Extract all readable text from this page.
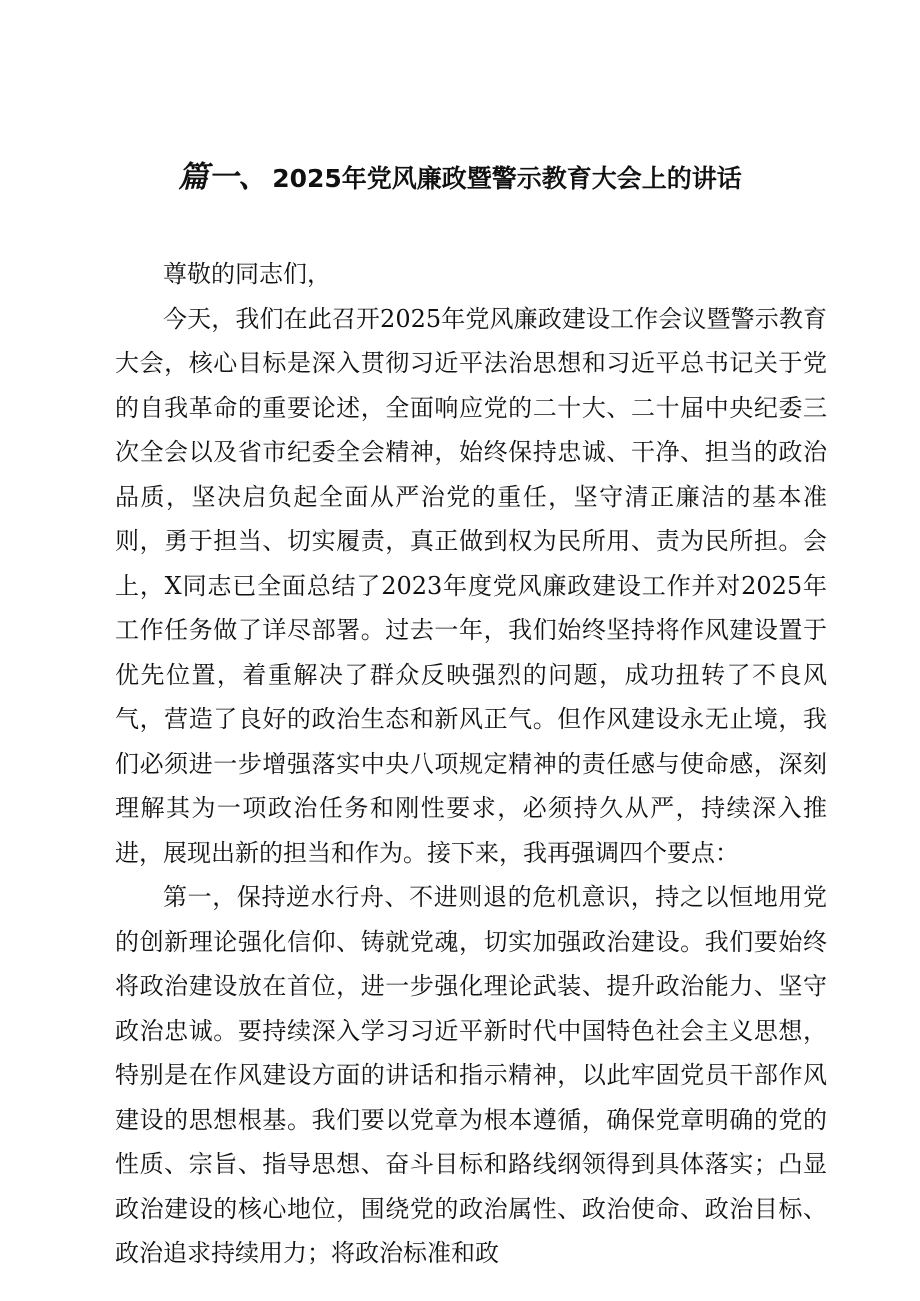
篇一、 2025年党风廉政暨警示教育大会上的讲话

尊敬的同志们，

今天，我们在此召开2025年党风廉政建设工作会议暨警示教育大会，核心目标是深入贯彻习近平法治思想和习近平总书记关于党的自我革命的重要论述，全面响应党的二十大、二十届中央纪委三次全会以及省市纪委全会精神，始终保持忠诚、干净、担当的政治品质，坚决启负起全面从严治党的重任，坚守清正廉洁的基本准则，勇于担当、切实履责，真正做到权为民所用、责为民所担。会上，X同志已全面总结了2023年度党风廉政建设工作并对2025年工作任务做了详尽部署。过去一年，我们始终坚持将作风建设置于优先位置，着重解决了群众反映强烈的问题，成功扭转了不良风气，营造了良好的政治生态和新风正气。但作风建设永无止境，我们必须进一步增强落实中央八项规定精神的责任感与使命感，深刻理解其为一项政治任务和刚性要求，必须持久从严，持续深入推进，展现出新的担当和作为。接下来，我再强调四个要点：

第一，保持逆水行舟、不进则退的危机意识，持之以恒地用党的创新理论强化信仰、铸就党魂，切实加强政治建设。我们要始终将政治建设放在首位，进一步强化理论武装、提升政治能力、坚守政治忠诚。要持续深入学习习近平新时代中国特色社会主义思想，特别是在作风建设方面的讲话和指示精神，以此牢固党员干部作风建设的思想根基。我们要以党章为根本遵循，确保党章明确的党的性质、宗旨、指导思想、奋斗目标和路线纲领得到具体落实；凸显政治建设的核心地位，围绕党的政治属性、政治使命、政治目标、政治追求持续用力；将政治标准和政
